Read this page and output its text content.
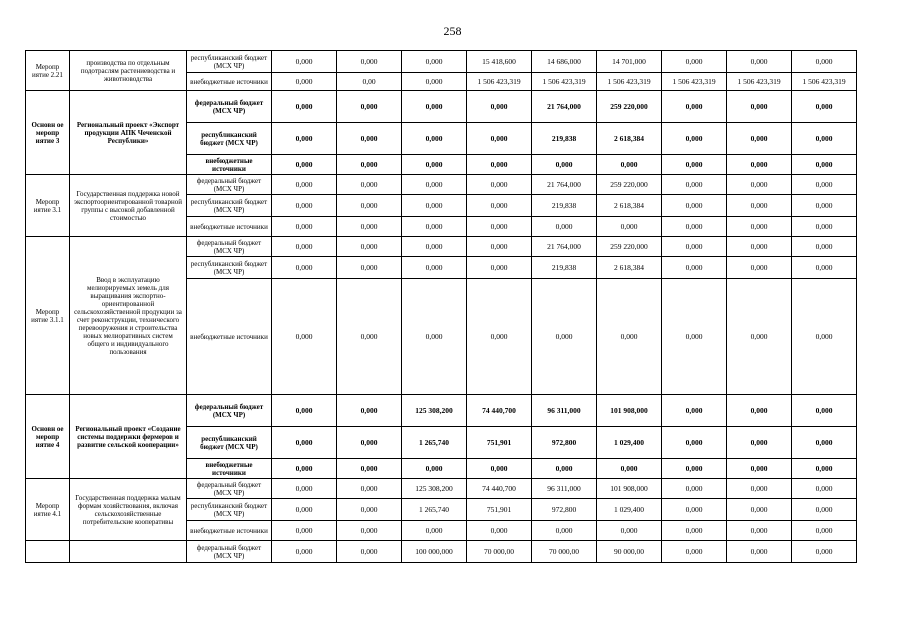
258
Меропр иятие 2.21	производства по отдельным подотраслям растениеводства и животноводства	республиканский бюджет (МСХ ЧР)	0,000	0,000	0,000	15 418,600	14 686,000	14 701,000	0,000	0,000	0,000
		внебюджетные источники	0,000	0,00	0,000	1 506 423,319	1 506 423,319	1 506 423,319	1 506 423,319	1 506 423,319	1 506 423,319
Основн ое меропр иятие 3	Региональный проект «Экспорт продукции АПК Чеченской Республики»	федеральный бюджет (МСХ ЧР)	0,000	0,000	0,000	0,000	21 764,000	259 220,000	0,000	0,000	0,000
		республиканский бюджет (МСХ ЧР)	0,000	0,000	0,000	0,000	219,838	2 618,384	0,000	0,000	0,000
		внебюджетные источники	0,000	0,000	0,000	0,000	0,000	0,000	0,000	0,000	0,000
Меропр иятие 3.1	Государственная поддержка новой экспортоориентированной товарной группы с высокой добавленной стоимостью	федеральный бюджет (МСХ ЧР)	0,000	0,000	0,000	0,000	21 764,000	259 220,000	0,000	0,000	0,000
		республиканский бюджет (МСХ ЧР)	0,000	0,000	0,000	0,000	219,838	2 618,384	0,000	0,000	0,000
		внебюджетные источники	0,000	0,000	0,000	0,000	0,000	0,000	0,000	0,000	0,000
Меропр иятие 3.1.1	Ввод в эксплуатацию мелиорируемых земель для выращивания экспортно-ориентированной сельскохозяйственной продукции за счет реконструкции, технического перевооружения и строительства новых мелиоративных систем общего и индивидуального пользования	федеральный бюджет (МСХ ЧР)	0,000	0,000	0,000	0,000	21 764,000	259 220,000	0,000	0,000	0,000
		республиканский бюджет (МСХ ЧР)	0,000	0,000	0,000	0,000	219,838	2 618,384	0,000	0,000	0,000
		внебюджетные источники	0,000	0,000	0,000	0,000	0,000	0,000	0,000	0,000	0,000
Основн ое меропр иятие 4	Региональный проект «Создание системы поддержки фермеров и развитие сельской кооперации»	федеральный бюджет (МСХ ЧР)	0,000	0,000	125 308,200	74 440,700	96 311,000	101 908,000	0,000	0,000	0,000
		республиканский бюджет (МСХ ЧР)	0,000	0,000	1 265,740	751,901	972,800	1 029,400	0,000	0,000	0,000
		внебюджетные источники	0,000	0,000	0,000	0,000	0,000	0,000	0,000	0,000	0,000
Меропр иятие 4.1	Государственная поддержка малым формам хозяйствования, включая сельскохозяйственные потребительские кооперативы	федеральный бюджет (МСХ ЧР)	0,000	0,000	125 308,200	74 440,700	96 311,000	101 908,000	0,000	0,000	0,000
		республиканский бюджет (МСХ ЧР)	0,000	0,000	1 265,740	751,901	972,800	1 029,400	0,000	0,000	0,000
		внебюджетные источники	0,000	0,000	0,000	0,000	0,000	0,000	0,000	0,000	0,000
		федеральный бюджет (МСХ ЧР)	0,000	0,000	100 000,000	70 000,00	70 000,00	90 000,00	0,000	0,000	0,000
